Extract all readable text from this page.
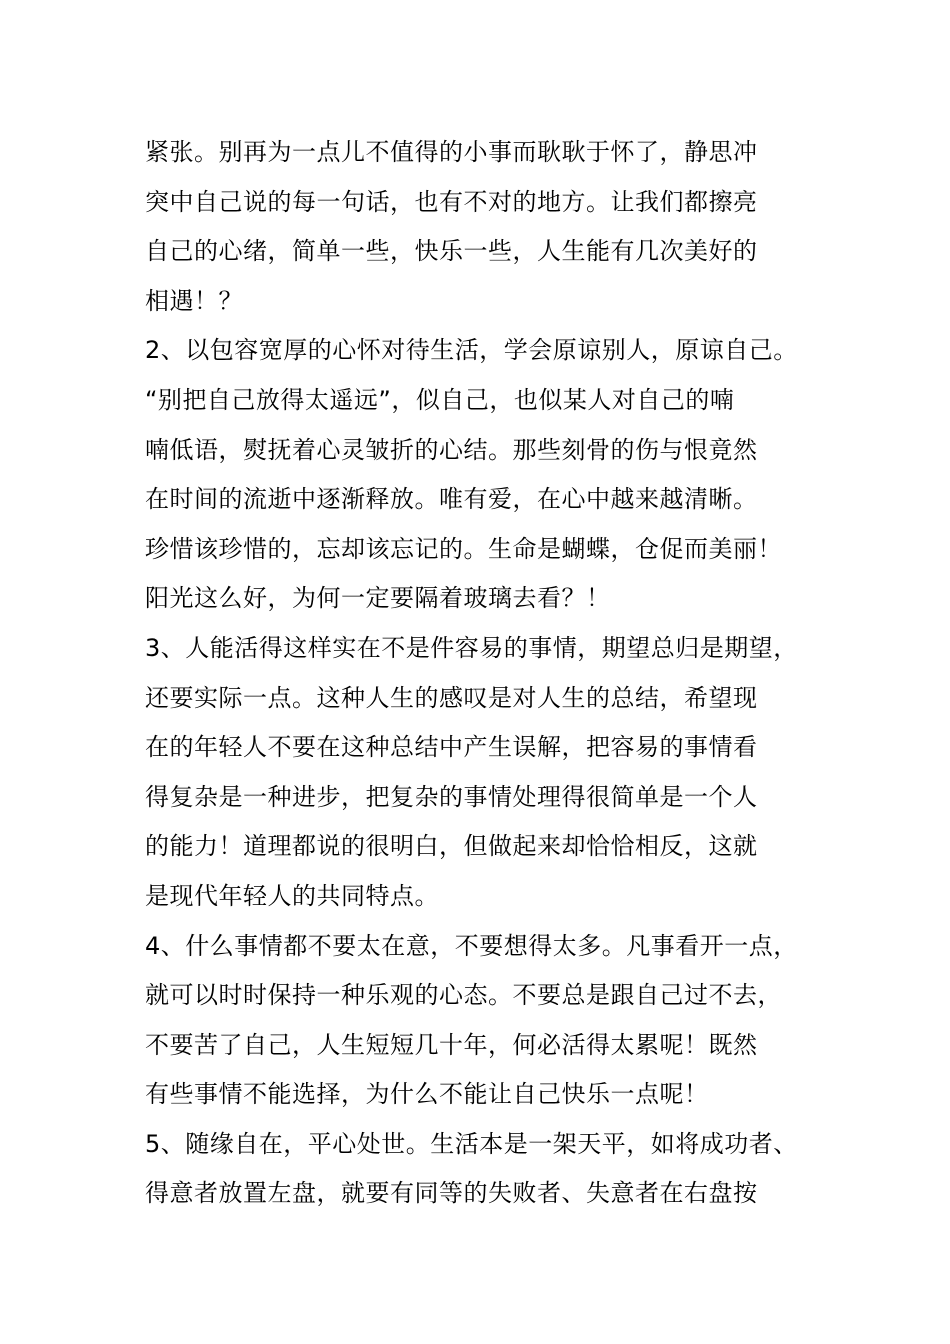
紧张。别再为一点儿不值得的小事而耿耿于怀了，静思冲
突中自己说的每一句话，也有不对的地方。让我们都擦亮
自己的心绪，简单一些，快乐一些，人生能有几次美好的
相遇！？
2、以包容宽厚的心怀对待生活，学会原谅别人，原谅自己。
“别把自己放得太遥远”，似自己，也似某人对自己的喃
喃低语，熨抚着心灵皱折的心结。那些刻骨的伤与恨竟然
在时间的流逝中逐渐释放。唯有爱，在心中越来越清晰。
珍惜该珍惜的，忘却该忘记的。生命是蝴蝶，仓促而美丽！
阳光这么好，为何一定要隔着玻璃去看？！
3、人能活得这样实在不是件容易的事情，期望总归是期望，
还要实际一点。这种人生的感叹是对人生的总结，希望现
在的年轻人不要在这种总结中产生误解，把容易的事情看
得复杂是一种进步，把复杂的事情处理得很简单是一个人
的能力！道理都说的很明白，但做起来却恰恰相反，这就
是现代年轻人的共同特点。
4、什么事情都不要太在意，不要想得太多。凡事看开一点，
就可以时时保持一种乐观的心态。不要总是跟自己过不去，
不要苦了自己，人生短短几十年，何必活得太累呢！既然
有些事情不能选择，为什么不能让自己快乐一点呢！
5、随缘自在，平心处世。生活本是一架天平，如将成功者、
得意者放置左盘，就要有同等的失败者、失意者在右盘按
